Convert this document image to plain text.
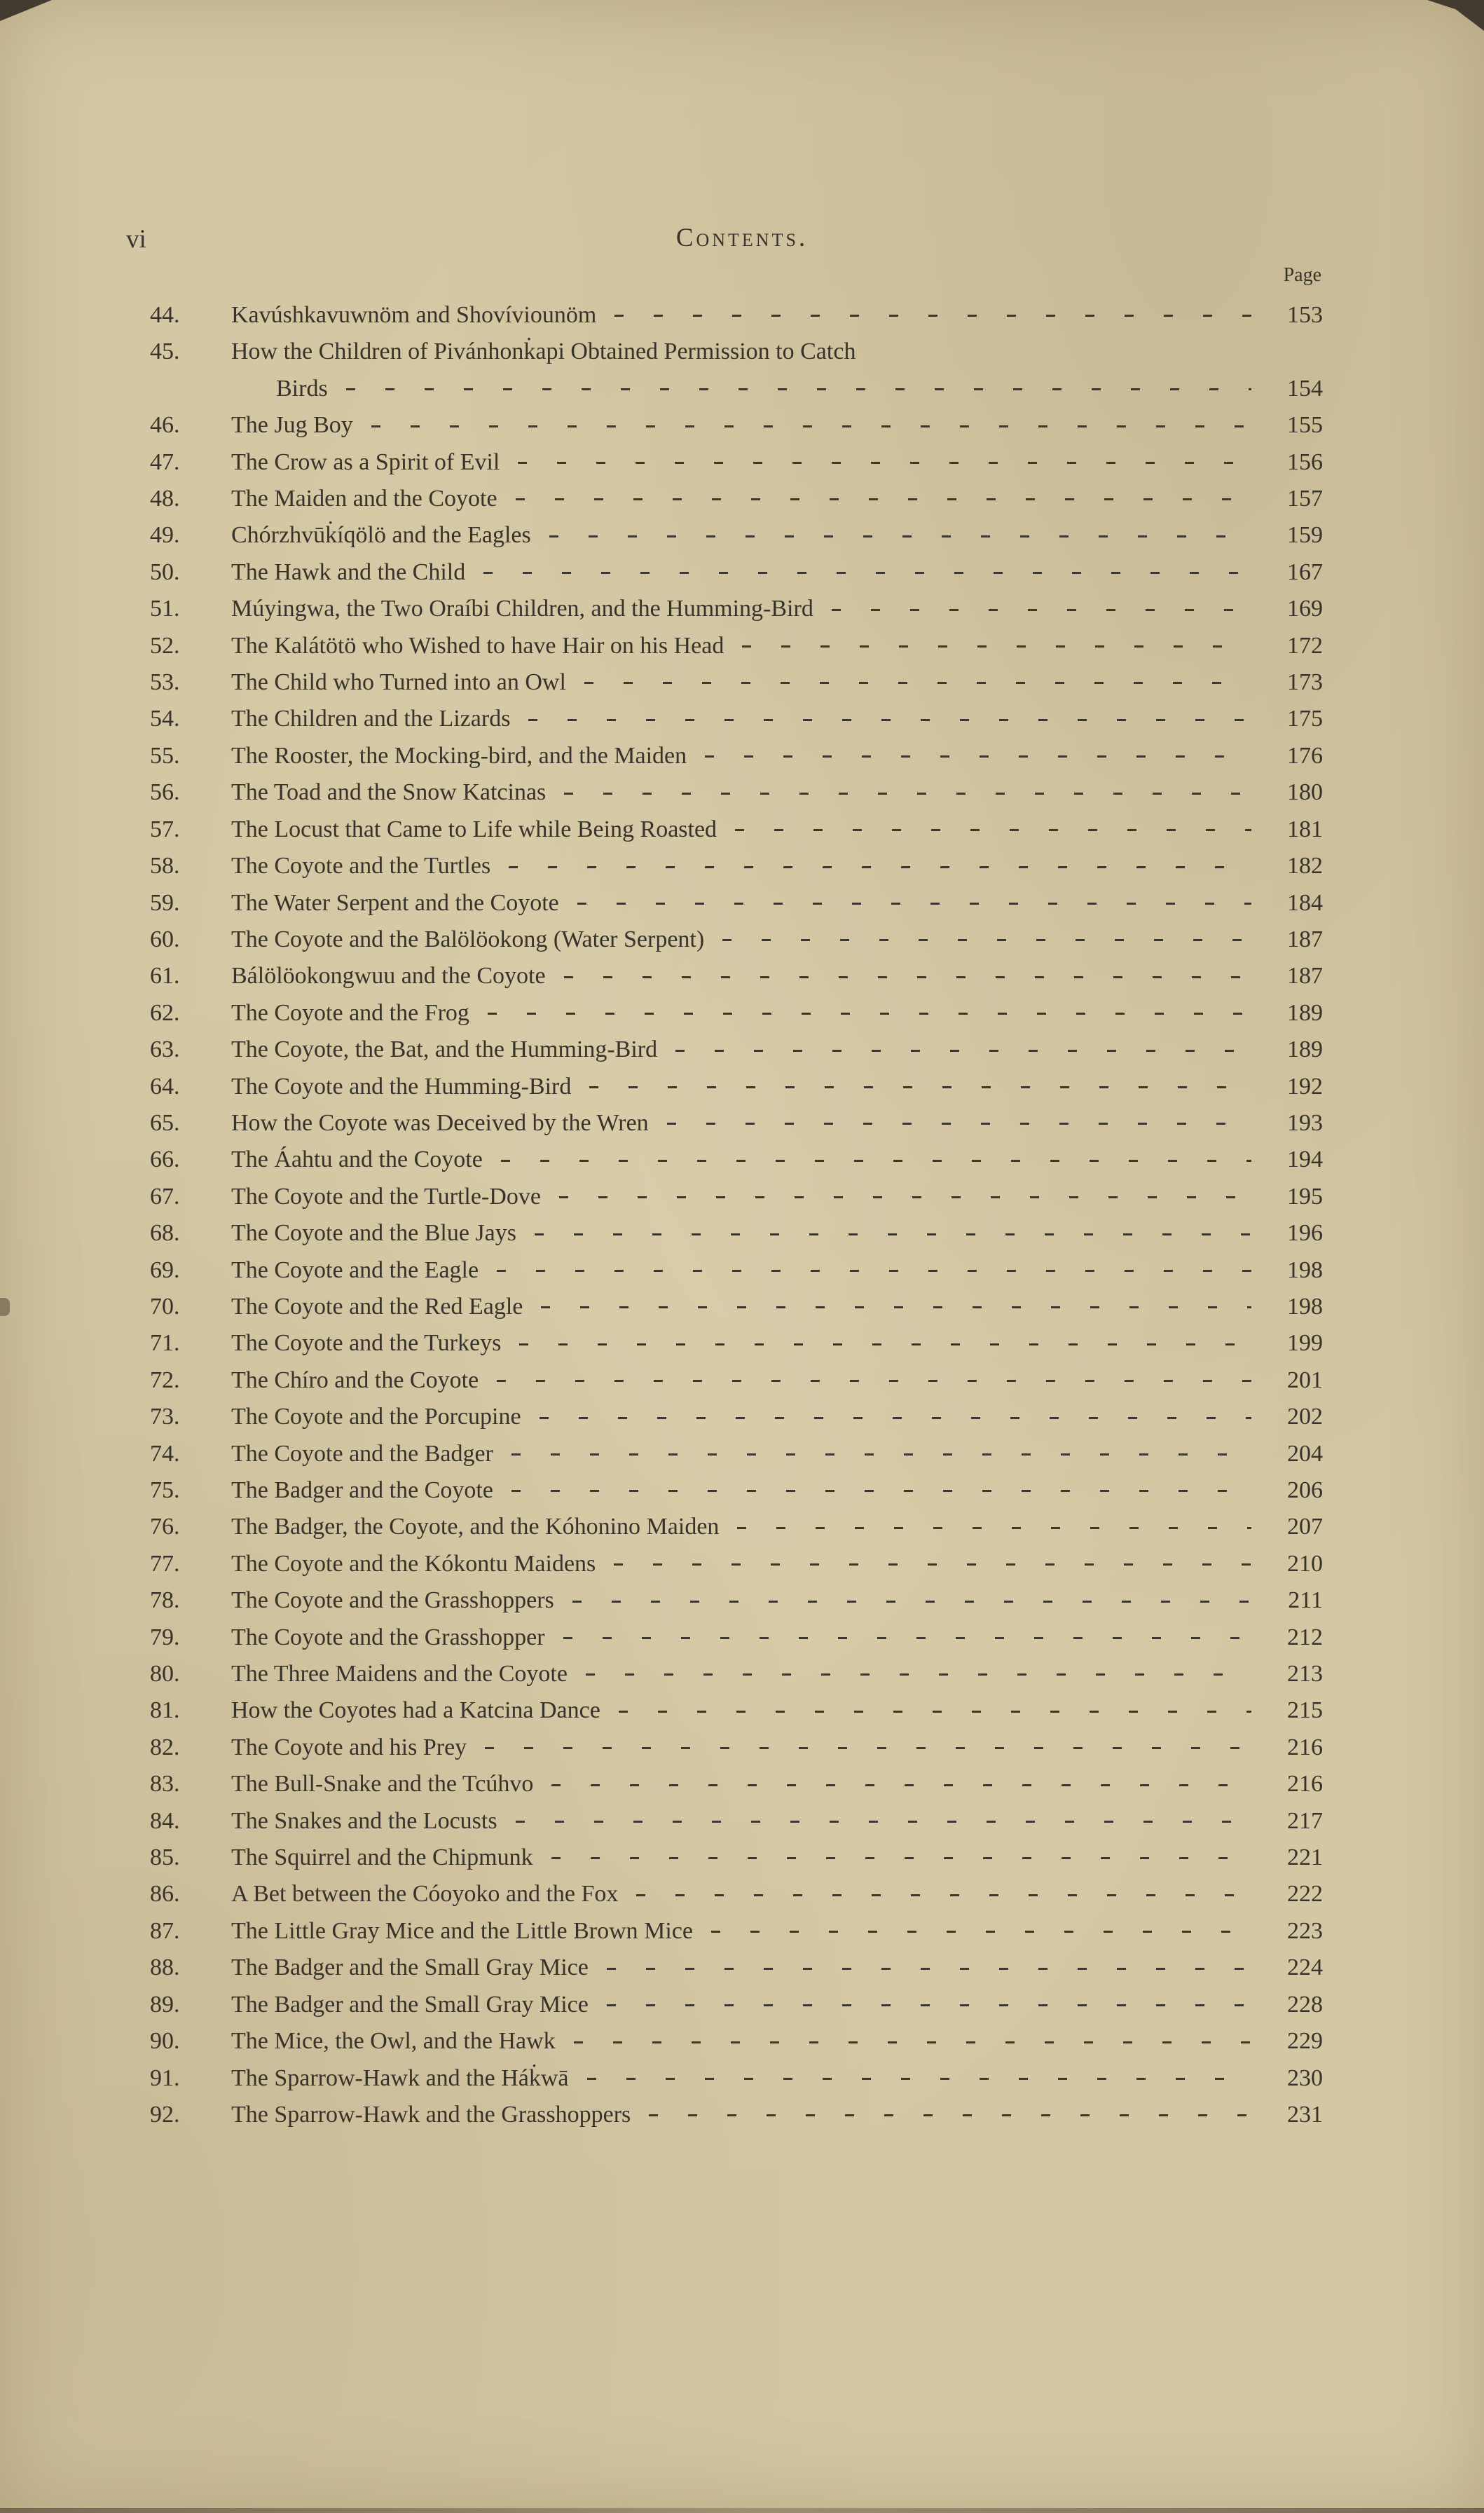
vi	Contents.
Page
44.	Kavúshkavuwnöm and Shovíviounöm	153
45.	How the Children of Pivánhonk̇api Obtained Permission to Catch
Birds	154
46.	The Jug Boy	155
47.	The Crow as a Spirit of Evil	156
48.	The Maiden and the Coyote	157
49.	Chórzhvūk̇íqölö and the Eagles	159
50.	The Hawk and the Child	167
51.	Múyingwa, the Two Oraíbi Children, and the Humming-Bird	169
52.	The Kalátötö who Wished to have Hair on his Head	172
53.	The Child who Turned into an Owl	173
54.	The Children and the Lizards	175
55.	The Rooster, the Mocking-bird, and the Maiden	176
56.	The Toad and the Snow Katcinas	180
57.	The Locust that Came to Life while Being Roasted	181
58.	The Coyote and the Turtles	182
59.	The Water Serpent and the Coyote	184
60.	The Coyote and the Balölöokong (Water Serpent)	187
61.	Bálölöokongwuu and the Coyote	187
62.	The Coyote and the Frog	189
63.	The Coyote, the Bat, and the Humming-Bird	189
64.	The Coyote and the Humming-Bird	192
65.	How the Coyote was Deceived by the Wren	193
66.	The Áahtu and the Coyote	194
67.	The Coyote and the Turtle-Dove	195
68.	The Coyote and the Blue Jays	196
69.	The Coyote and the Eagle	198
70.	The Coyote and the Red Eagle	198
71.	The Coyote and the Turkeys	199
72.	The Chíro and the Coyote	201
73.	The Coyote and the Porcupine	202
74.	The Coyote and the Badger	204
75.	The Badger and the Coyote	206
76.	The Badger, the Coyote, and the Kóhonino Maiden	207
77.	The Coyote and the Kókontu Maidens	210
78.	The Coyote and the Grasshoppers	211
79.	The Coyote and the Grasshopper	212
80.	The Three Maidens and the Coyote	213
81.	How the Coyotes had a Katcina Dance	215
82.	The Coyote and his Prey	216
83.	The Bull-Snake and the Tcúhvo	216
84.	The Snakes and the Locusts	217
85.	The Squirrel and the Chipmunk	221
86.	A Bet between the Cóoyoko and the Fox	222
87.	The Little Gray Mice and the Little Brown Mice	223
88.	The Badger and the Small Gray Mice	224
89.	The Badger and the Small Gray Mice	228
90.	The Mice, the Owl, and the Hawk	229
91.	The Sparrow-Hawk and the Hák̇wā	230
92.	The Sparrow-Hawk and the Grasshoppers	231
